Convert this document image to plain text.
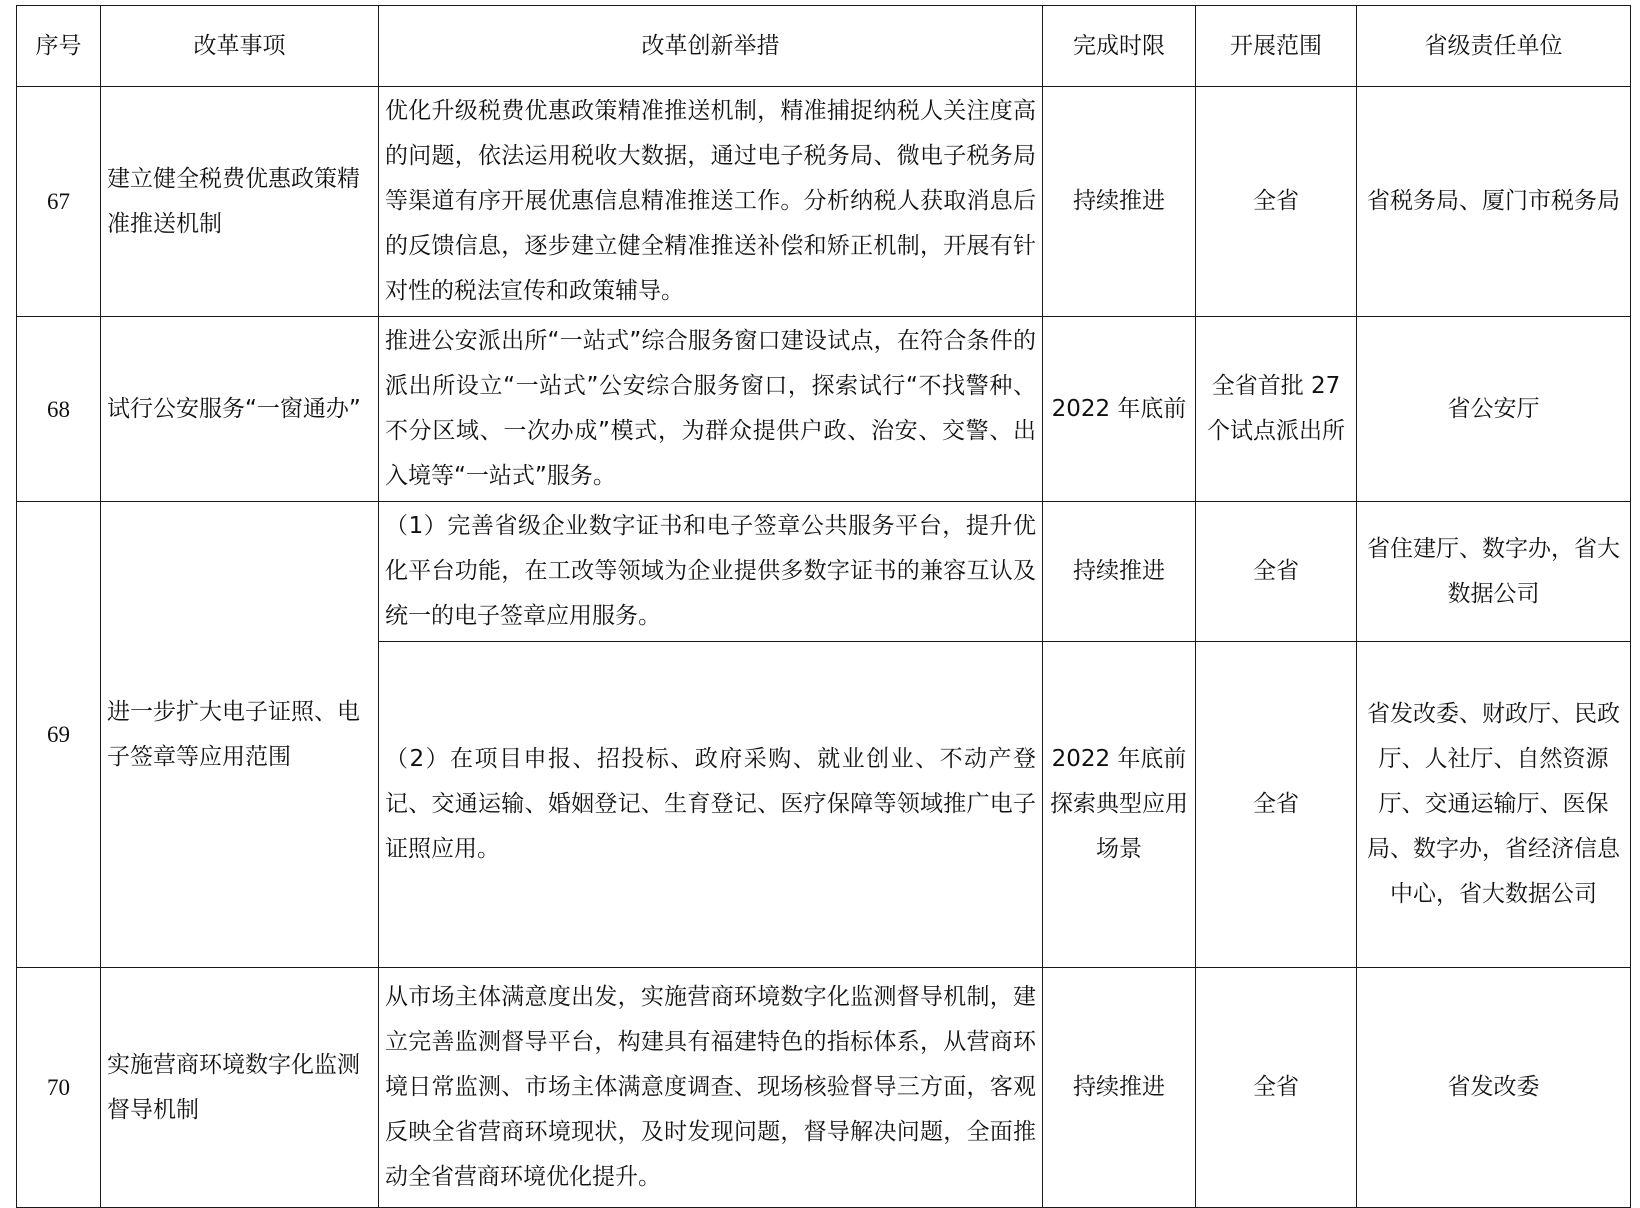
序号	改革事项	改革创新举措	完成时限	开展范围	省级责任单位
67	建立健全税费优惠政策精准推送机制	优化升级税费优惠政策精准推送机制，精准捕捉纳税人关注度高的问题，依法运用税收大数据，通过电子税务局、微电子税务局等渠道有序开展优惠信息精准推送工作。分析纳税人获取消息后的反馈信息，逐步建立健全精准推送补偿和矫正机制，开展有针对性的税法宣传和政策辅导。	持续推进	全省	省税务局、厦门市税务局
68	试行公安服务“一窗通办”	推进公安派出所“一站式”综合服务窗口建设试点，在符合条件的派出所设立“一站式”公安综合服务窗口，探索试行“不找警种、不分区域、一次办成”模式，为群众提供户政、治安、交警、出入境等“一站式”服务。	2022 年底前	全省首批 27 个试点派出所	省公安厅
69	进一步扩大电子证照、电子签章等应用范围	（1）完善省级企业数字证书和电子签章公共服务平台，提升优化平台功能，在工改等领域为企业提供多数字证书的兼容互认及统一的电子签章应用服务。	持续推进	全省	省住建厅、数字办，省大数据公司
		（2）在项目申报、招投标、政府采购、就业创业、不动产登记、交通运输、婚姻登记、生育登记、医疗保障等领域推广电子证照应用。	2022 年底前探索典型应用场景	全省	省发改委、财政厅、民政厅、人社厅、自然资源厅、交通运输厅、医保局、数字办，省经济信息中心，省大数据公司
70	实施营商环境数字化监测督导机制	从市场主体满意度出发，实施营商环境数字化监测督导机制，建立完善监测督导平台，构建具有福建特色的指标体系，从营商环境日常监测、市场主体满意度调查、现场核验督导三方面，客观反映全省营商环境现状，及时发现问题，督导解决问题，全面推动全省营商环境优化提升。	持续推进	全省	省发改委
